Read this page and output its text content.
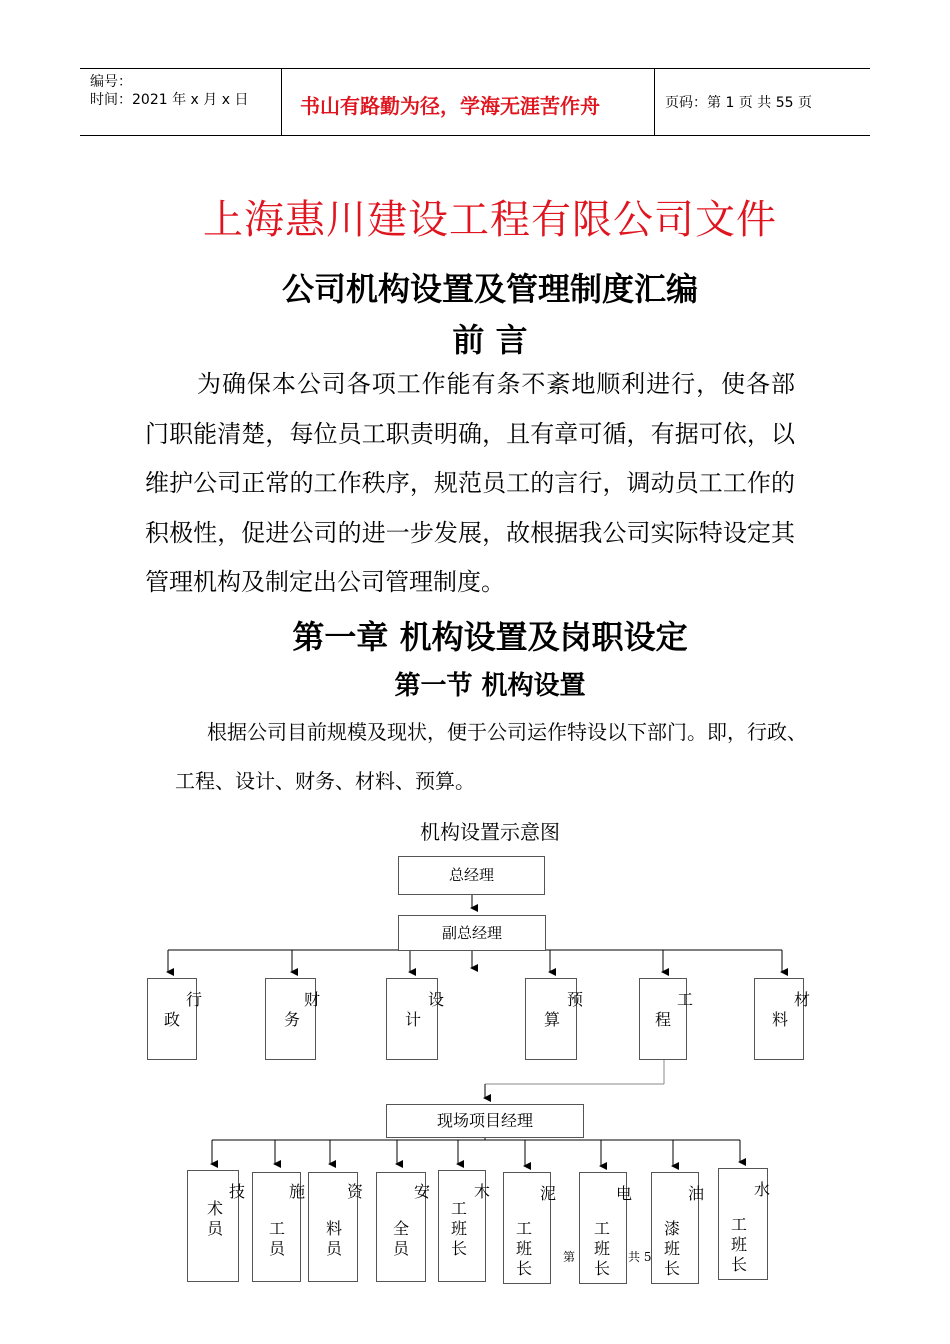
编号：
时间：2021 年 x 月 x 日	书山有路勤为径，学海无涯苦作舟	页码：第 1 页 共 55 页
上海惠川建设工程有限公司文件
公司机构设置及管理制度汇编
前 言
为确保本公司各项工作能有条不紊地顺利进行，使各部门职能清楚，每位员工职责明确，且有章可循，有据可依，以维护公司正常的工作秩序，规范员工的言行，调动员工工作的积极性，促进公司的进一步发展，故根据我公司实际特设定其管理机构及制定出公司管理制度。
第一章 机构设置及岗职设定
第一节 机构设置
根据公司目前规模及现状，便于公司运作特设以下部门。即，行政、工程、设计、财务、材料、预算。
机构设置示意图
总经理
副总经理
行
政
财
务
设
计
预
算
工
程
材
料
现场项目经理
技
术
员
施
工
员
资
料
员
安
全
员
木
工
班
长
泥
工
班
长
电
工
班
长
油
漆
班
长
水
工
班
长
第	共 5
